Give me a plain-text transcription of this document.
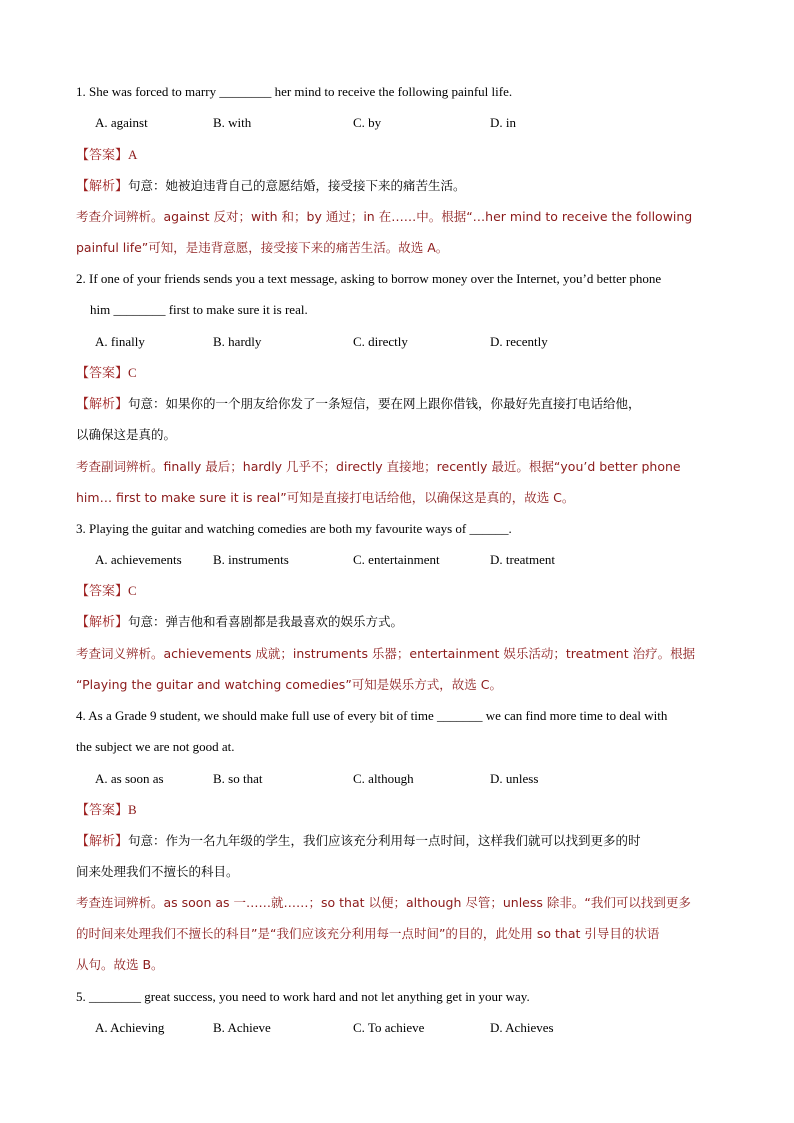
1. She was forced to marry ________ her mind to receive the following painful life.
A. against	B. with	C. by	D. in
【答案】A
【解析】句意：她被迫违背自己的意愿结婚，接受接下来的痛苦生活。
考查介词辨析。against 反对；with 和；by 通过；in 在……中。根据“…her mind to receive the following
painful life”可知，是违背意愿，接受接下来的痛苦生活。故选 A。
2. If one of your friends sends you a text message, asking to borrow money over the Internet, you’d better phone
him ________ first to make sure it is real.
A. finally	B. hardly	C. directly	D. recently
【答案】C
【解析】句意：如果你的一个朋友给你发了一条短信，要在网上跟你借钱，你最好先直接打电话给他，
以确保这是真的。
考查副词辨析。finally 最后；hardly 几乎不；directly 直接地；recently 最近。根据“you’d better phone
him… first to make sure it is real”可知是直接打电话给他，以确保这是真的，故选 C。
3. Playing the guitar and watching comedies are both my favourite ways of ______.
A. achievements B. instruments	C. entertainment	D. treatment
【答案】C
【解析】句意：弹吉他和看喜剧都是我最喜欢的娱乐方式。
考查词义辨析。achievements 成就；instruments 乐器；entertainment 娱乐活动；treatment 治疗。根据
“Playing the guitar and watching comedies”可知是娱乐方式，故选 C。
4. As a Grade 9 student, we should make full use of every bit of time _______ we can find more time to deal with
the subject we are not good at.
A. as soon as	B. so that	C. although	D. unless
【答案】B
【解析】句意：作为一名九年级的学生，我们应该充分利用每一点时间，这样我们就可以找到更多的时
间来处理我们不擅长的科目。
考查连词辨析。as soon as 一……就……；so that 以便；although 尽管；unless 除非。“我们可以找到更多
的时间来处理我们不擅长的科目”是“我们应该充分利用每一点时间”的目的，此处用 so that 引导目的状语
从句。故选 B。
5. ________ great success, you need to work hard and not let anything get in your way.
A. Achieving	B. Achieve	C. To achieve	D. Achieves
